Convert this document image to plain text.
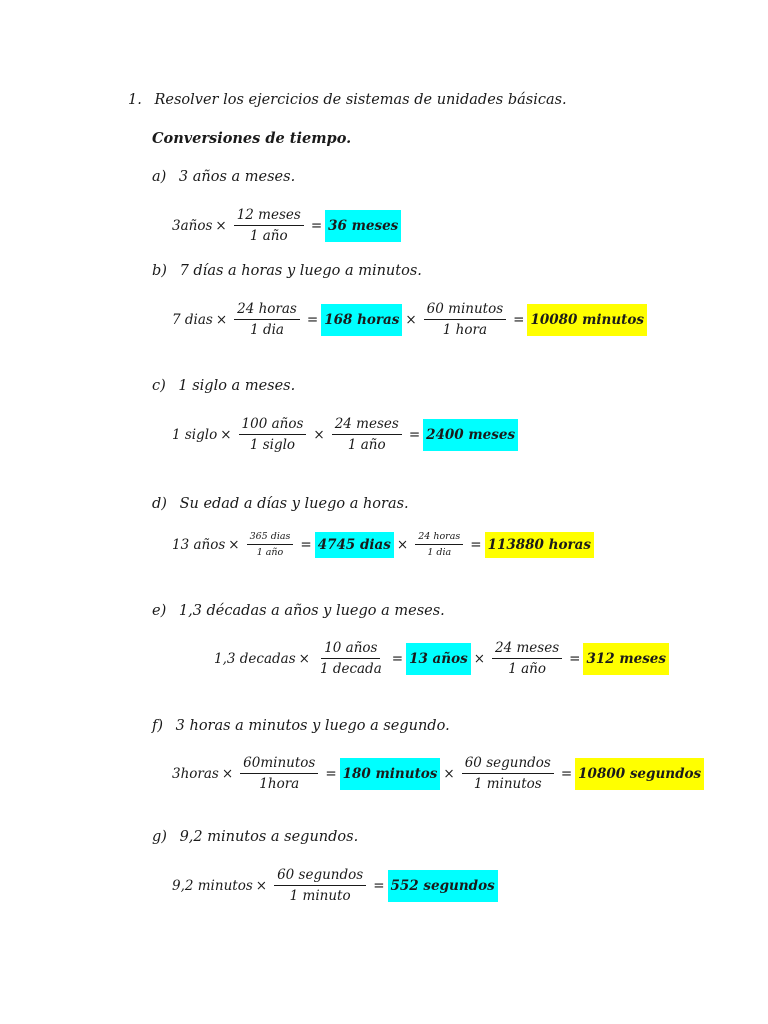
1. Resolver los ejercicios de sistemas de unidades básicas.
Conversiones de tiempo.
a) 3 años a meses.
3años × $\frac{\text{12 meses}}{\text{1 año}} = 36$ meses
b) 7 días a horas y luego a minutos.
7 dias × $\frac{\text{24 horas}}{\text{1 dia}} = 168$ horas × $\frac{\text{60 minutos}}{\text{1 hora}} = 10080$ minutos
c) 1 siglo a meses.
1 siglo × $\frac{\text{100 años}}{\text{1 siglo}} \times \frac{\text{24 meses}}{\text{1 año}} = 2400$ meses
d) Su edad a días y luego a horas.
13 años × $\frac{\text{365 dias}}{\text{1 año}} = 4745$ dias × $\frac{\text{24 horas}}{\text{1 dia}} = 113880$ horas
e) 1,3 décadas a años y luego a meses.
1,3 decadas × $\frac{\text{10 años}}{\text{1 decada}} = 13$ años × $\frac{\text{24 meses}}{\text{1 año}} = 312$ meses
f) 3 horas a minutos y luego a segundo.
3horas × $\frac{\text{60minutos}}{\text{1hora}} = 180$ minutos × $\frac{\text{60 segundos}}{\text{1 minutos}} = 10800$ segundos
g) 9,2 minutos a segundos.
9,2 minutos × $\frac{\text{60 segundos}}{\text{1 minuto}} = 552$ segundos
